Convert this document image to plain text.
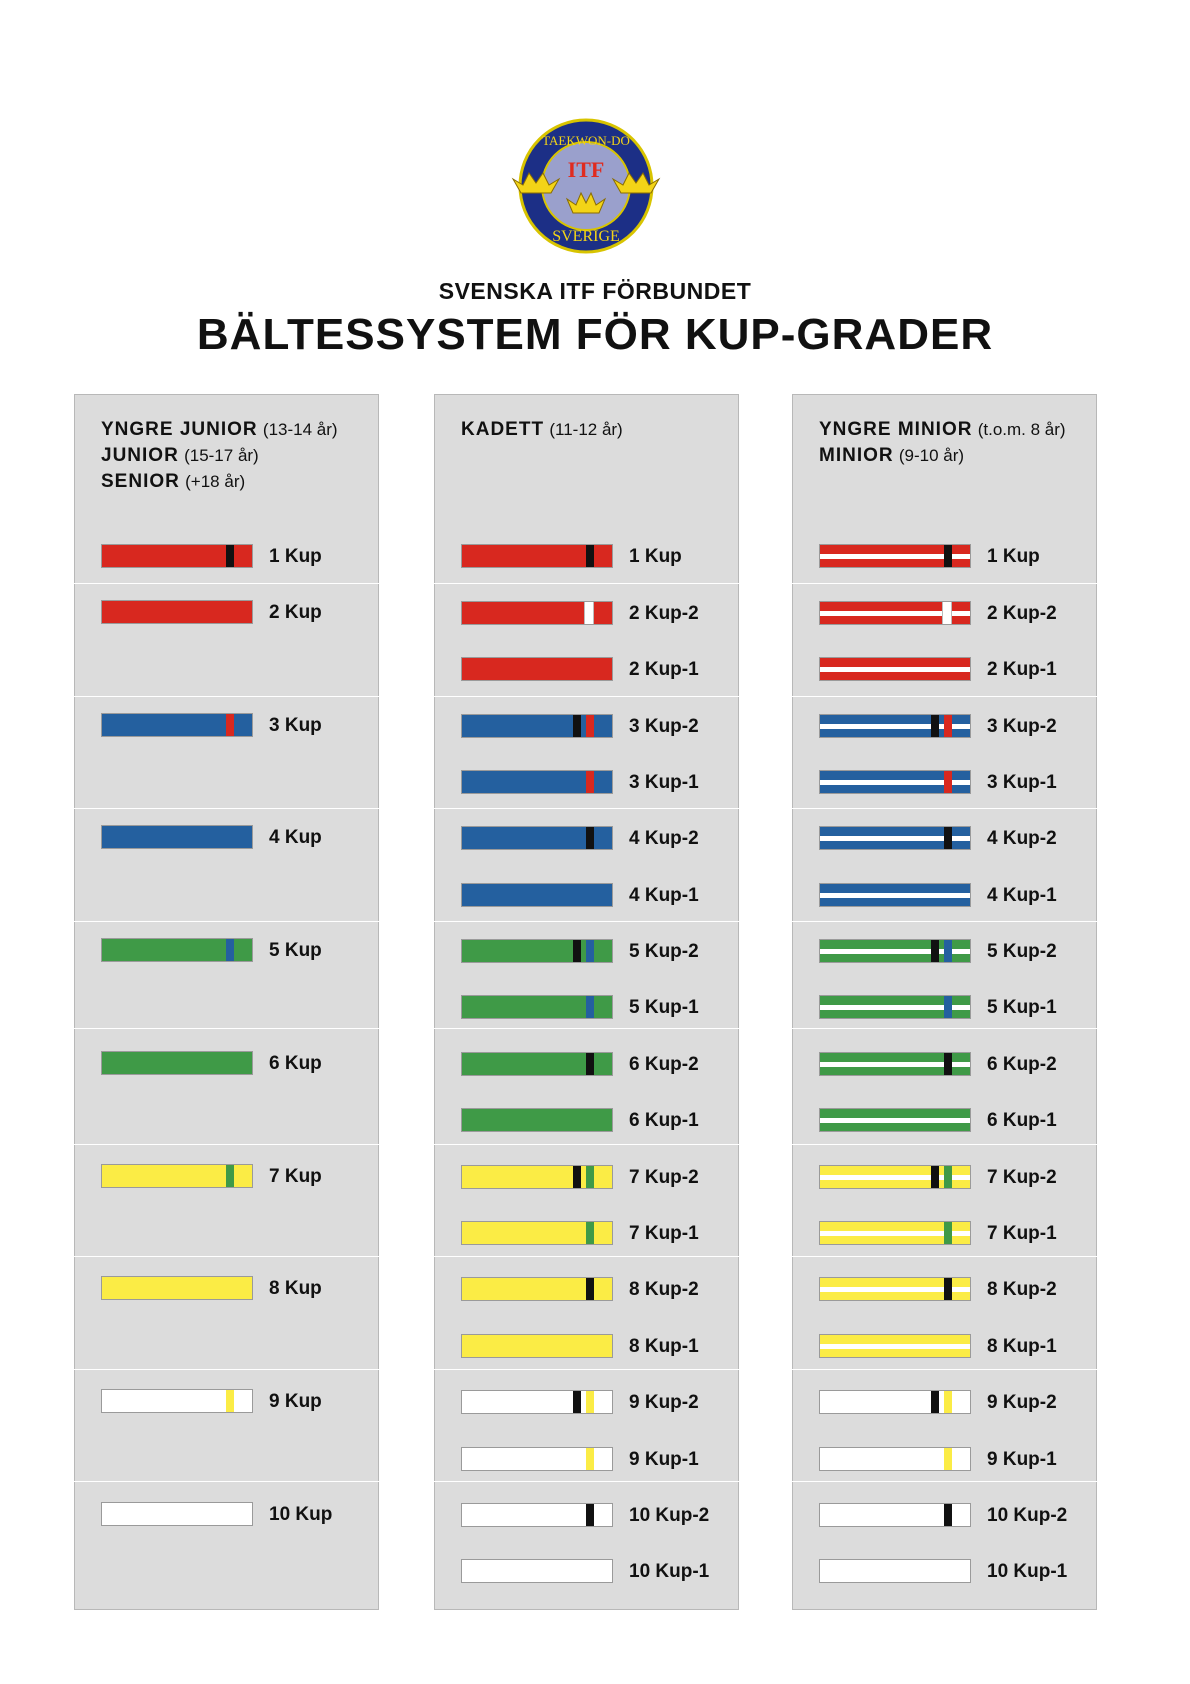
ITF
TAEKWON-DO
SVERIGE
SVENSKA ITF FÖRBUNDET
BÄLTESSYSTEM FÖR KUP-GRADER
YNGRE JUNIOR (13-14 år)
JUNIOR (15-17 år)
SENIOR (+18 år)
1 Kup
2 Kup
3 Kup
4 Kup
5 Kup
6 Kup
7 Kup
8 Kup
9 Kup
10 Kup
KADETT (11-12 år)
1 Kup
2 Kup-2
2 Kup-1
3 Kup-2
3 Kup-1
4 Kup-2
4 Kup-1
5 Kup-2
5 Kup-1
6 Kup-2
6 Kup-1
7 Kup-2
7 Kup-1
8 Kup-2
8 Kup-1
9 Kup-2
9 Kup-1
10 Kup-2
10 Kup-1
YNGRE MINIOR (t.o.m. 8 år)
MINIOR (9-10 år)
1 Kup
2 Kup-2
2 Kup-1
3 Kup-2
3 Kup-1
4 Kup-2
4 Kup-1
5 Kup-2
5 Kup-1
6 Kup-2
6 Kup-1
7 Kup-2
7 Kup-1
8 Kup-2
8 Kup-1
9 Kup-2
9 Kup-1
10 Kup-2
10 Kup-1
